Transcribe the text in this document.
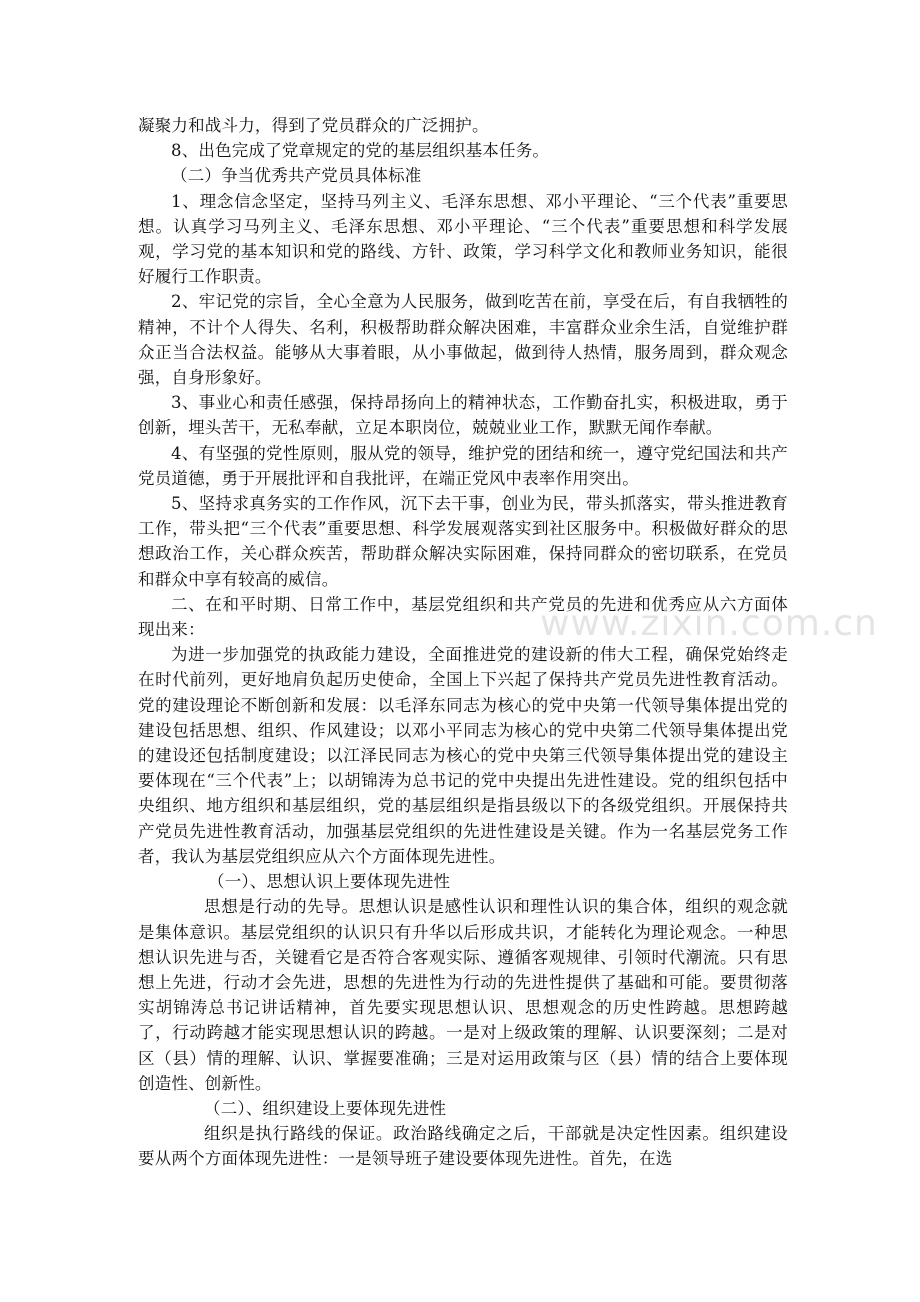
凝聚力和战斗力，得到了党员群众的广泛拥护。

8、出色完成了党章规定的党的基层组织基本任务。

（二）争当优秀共产党员具体标准

1、理念信念坚定，坚持马列主义、毛泽东思想、邓小平理论、“三个代表”重要思想。认真学习马列主义、毛泽东思想、邓小平理论、“三个代表”重要思想和科学发展观，学习党的基本知识和党的路线、方针、政策，学习科学文化和教师业务知识，能很好履行工作职责。

2、牢记党的宗旨，全心全意为人民服务，做到吃苦在前，享受在后，有自我牺牲的精神，不计个人得失、名利，积极帮助群众解决困难，丰富群众业余生活，自觉维护群众正当合法权益。能够从大事着眼，从小事做起，做到待人热情，服务周到，群众观念强，自身形象好。

3、事业心和责任感强，保持昂扬向上的精神状态，工作勤奋扎实，积极进取，勇于创新，埋头苦干，无私奉献，立足本职岗位，兢兢业业工作，默默无闻作奉献。

4、有坚强的党性原则，服从党的领导，维护党的团结和统一，遵守党纪国法和共产党员道德，勇于开展批评和自我批评，在端正党风中表率作用突出。

5、坚持求真务实的工作作风，沉下去干事，创业为民，带头抓落实，带头推进教育工作，带头把“三个代表”重要思想、科学发展观落实到社区服务中。积极做好群众的思想政治工作，关心群众疾苦，帮助群众解决实际困难，保持同群众的密切联系，在党员和群众中享有较高的威信。

二、在和平时期、日常工作中，基层党组织和共产党员的先进和优秀应从六方面体现出来：

为进一步加强党的执政能力建设，全面推进党的建设新的伟大工程，确保党始终走在时代前列，更好地肩负起历史使命，全国上下兴起了保持共产党员先进性教育活动。党的建设理论不断创新和发展：以毛泽东同志为核心的党中央第一代领导集体提出党的建设包括思想、组织、作风建设；以邓小平同志为核心的党中央第二代领导集体提出党的建设还包括制度建设；以江泽民同志为核心的党中央第三代领导集体提出党的建设主要体现在“三个代表”上；以胡锦涛为总书记的党中央提出先进性建设。党的组织包括中央组织、地方组织和基层组织，党的基层组织是指县级以下的各级党组织。开展保持共产党员先进性教育活动，加强基层党组织的先进性建设是关键。作为一名基层党务工作者，我认为基层党组织应从六个方面体现先进性。

（一）、思想认识上要体现先进性

思想是行动的先导。思想认识是感性认识和理性认识的集合体，组织的观念就是集体意识。基层党组织的认识只有升华以后形成共识，才能转化为理论观念。一种思想认识先进与否，关键看它是否符合客观实际、遵循客观规律、引领时代潮流。只有思想上先进，行动才会先进，思想的先进性为行动的先进性提供了基础和可能。要贯彻落实胡锦涛总书记讲话精神，首先要实现思想认识、思想观念的历史性跨越。思想跨越了，行动跨越才能实现思想认识的跨越。一是对上级政策的理解、认识要深刻；二是对区（县）情的理解、认识、掌握要准确；三是对运用政策与区（县）情的结合上要体现创造性、创新性。

（二）、组织建设上要体现先进性

组织是执行路线的保证。政治路线确定之后，干部就是决定性因素。组织建设要从两个方面体现先进性：一是领导班子建设要体现先进性。首先，在选

www.zixin.com.cn
